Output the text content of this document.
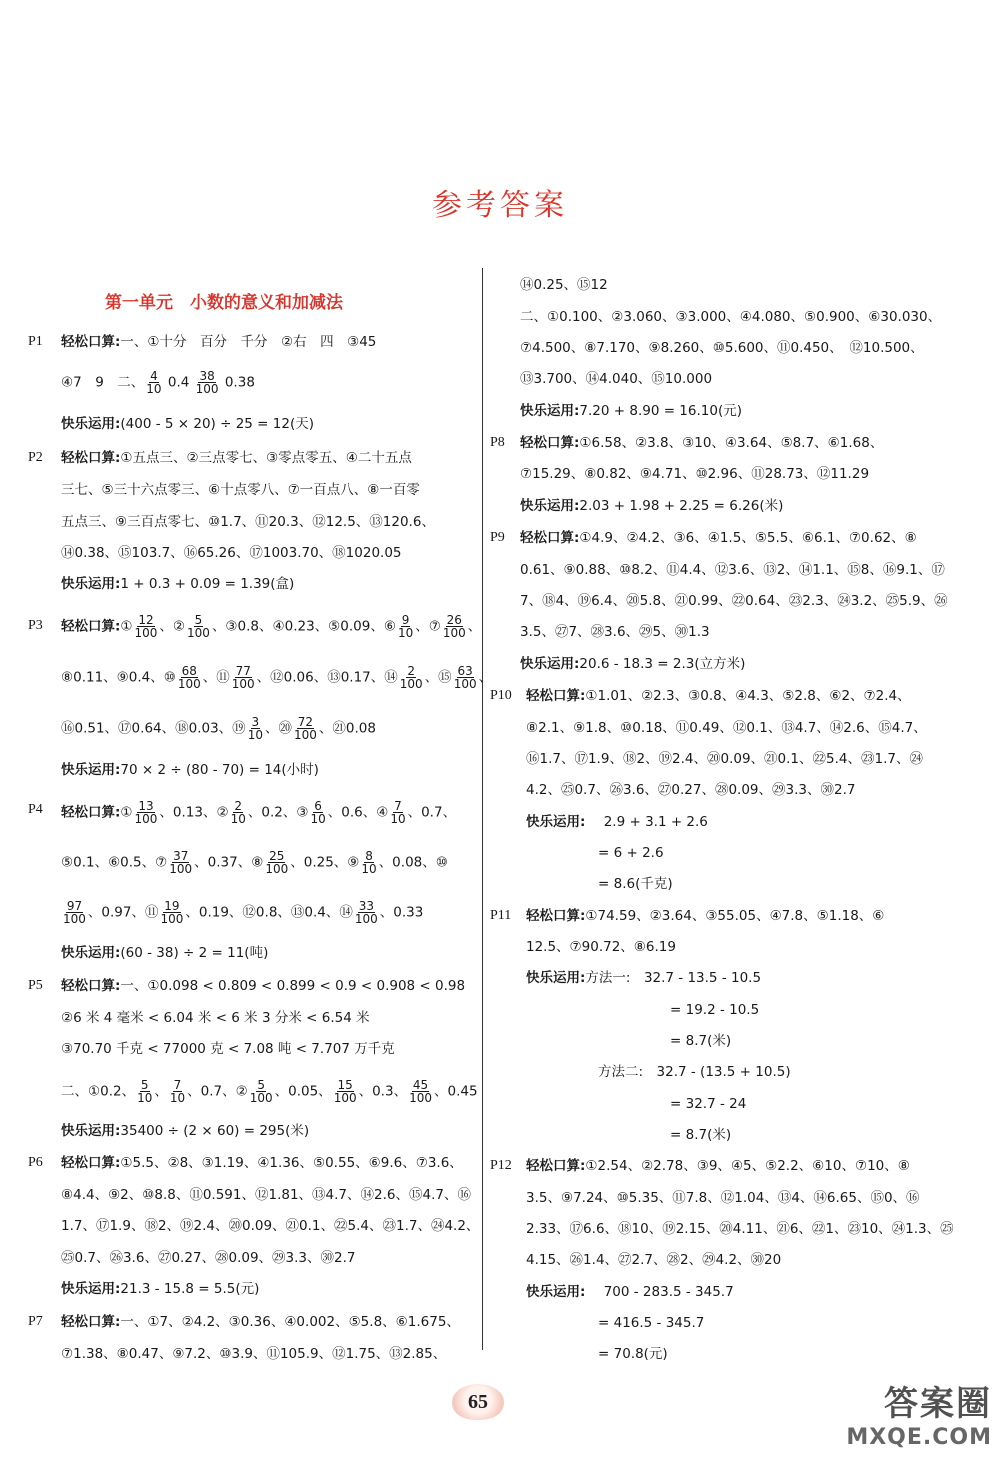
参考答案
第一单元　小数的意义和加减法
P1 轻松口算:一、①十分　百分　千分　②右　四　③45
④7　9　二、 $\frac{4}{10} 0.4 \frac{38}{100} 0.38$
快乐运用:(400 - 5 × 20) ÷ 25 = 12(天)
P2 轻松口算:①五点三、②三点零七、③零点零五、④二十五点
三七、⑤三十六点零三、⑥十点零八、⑦一百点八、⑧一百零
五点三、⑨三百点零七、⑩1.7、⑪20.3、⑫12.5、⑬120.6、
⑭0.38、⑮103.7、⑯65.26、⑰1003.70、⑱1020.05
快乐运用:1 + 0.3 + 0.09 = 1.39(盒)
P3 轻松口算:① $\frac{12}{100}$ 、② $\frac{5}{100}$ 、③0.8、④0.23、⑤0.09、⑥ $\frac{9}{10}$ 、⑦ $\frac{26}{100}$ 、
⑧0.11、⑨0.4、⑩ $\frac{68}{100}$ 、⑪ $\frac{77}{100}$ 、⑫0.06、⑬0.17、⑭ $\frac{2}{100}$ 、⑮ $\frac{63}{100}$ 、
⑯0.51、⑰0.64、⑱0.03、⑲ $\frac{3}{10}$ 、⑳ $\frac{72}{100}$ 、㉑0.08
快乐运用:70 × 2 ÷ (80 - 70) = 14(小时)
P4 轻松口算:① $\frac{13}{100}$ 、0.13、② $\frac{2}{10}$ 、0.2、③ $\frac{6}{10}$ 、0.6、④ $\frac{7}{10}$ 、0.7、
⑤0.1、⑥0.5、⑦ $\frac{37}{100}$ 、0.37、⑧ $\frac{25}{100}$ 、0.25、⑨ $\frac{8}{10}$ 、0.08、⑩
$\frac{97}{100}$ 、0.97、⑪ $\frac{19}{100}$ 、0.19、⑫0.8、⑬0.4、⑭ $\frac{33}{100}$ 、0.33
快乐运用:(60 - 38) ÷ 2 = 11(吨)
P5 轻松口算:一、①0.098 < 0.809 < 0.899 < 0.9 < 0.908 < 0.98
②6 米 4 毫米 < 6.04 米 < 6 米 3 分米 < 6.54 米
③70.70 千克 < 77000 克 < 7.08 吨 < 7.707 万千克
二、①0.2、 $\frac{5}{10}$ 、 $\frac{7}{10}$ 、0.7、② $\frac{5}{100}$ 、0.05、 $\frac{15}{100}$ 、0.3、 $\frac{45}{100}$ 、0.45
快乐运用:35400 ÷ (2 × 60) = 295(米)
P6 轻松口算:①5.5、②8、③1.19、④1.36、⑤0.55、⑥9.6、⑦3.6、
⑧4.4、⑨2、⑩8.8、⑪0.591、⑫1.81、⑬4.7、⑭2.6、⑮4.7、⑯
1.7、⑰1.9、⑱2、⑲2.4、⑳0.09、㉑0.1、㉒5.4、㉓1.7、㉔4.2、
㉕0.7、㉖3.6、㉗0.27、㉘0.09、㉙3.3、㉚2.7
快乐运用:21.3 - 15.8 = 5.5(元)
P7 轻松口算:一、①7、②4.2、③0.36、④0.002、⑤5.8、⑥1.675、
⑦1.38、⑧0.47、⑨7.2、⑩3.9、⑪105.9、⑫1.75、⑬2.85、
⑭0.25、⑮12
二、①0.100、②3.060、③3.000、④4.080、⑤0.900、⑥30.030、
⑦4.500、⑧7.170、⑨8.260、⑩5.600、⑪0.450、　⑫10.500、
⑬3.700、⑭4.040、⑮10.000
快乐运用:7.20 + 8.90 = 16.10(元)
P8 轻松口算:①6.58、②3.8、③10、④3.64、⑤8.7、⑥1.68、
⑦15.29、⑧0.82、⑨4.71、⑩2.96、⑪28.73、⑫11.29
快乐运用:2.03 + 1.98 + 2.25 = 6.26(米)
P9 轻松口算:①4.9、②4.2、③6、④1.5、⑤5.5、⑥6.1、⑦0.62、⑧
0.61、⑨0.88、⑩8.2、⑪4.4、⑫3.6、⑬2、⑭1.1、⑮8、⑯9.1、⑰
7、⑱4、⑲6.4、⑳5.8、㉑0.99、㉒0.64、㉓2.3、㉔3.2、㉕5.9、㉖
3.5、㉗7、㉘3.6、㉙5、㉚1.3
快乐运用:20.6 - 18.3 = 2.3(立方米)
P10 轻松口算:①1.01、②2.3、③0.8、④4.3、⑤2.8、⑥2、⑦2.4、
⑧2.1、⑨1.8、⑩0.18、⑪0.49、⑫0.1、⑬4.7、⑭2.6、⑮4.7、
⑯1.7、⑰1.9、⑱2、⑲2.4、⑳0.09、㉑0.1、㉒5.4、㉓1.7、㉔
4.2、㉕0.7、㉖3.6、㉗0.27、㉘0.09、㉙3.3、㉚2.7
快乐运用: 2.9 + 3.1 + 2.6
= 6 + 2.6
= 8.6(千克)
P11 轻松口算:①74.59、②3.64、③55.05、④7.8、⑤1.18、⑥
12.5、⑦90.72、⑧6.19
快乐运用:方法一:　32.7 - 13.5 - 10.5
= 19.2 - 10.5
= 8.7(米)
方法二:　32.7 - (13.5 + 10.5)
= 32.7 - 24
= 8.7(米)
P12 轻松口算:①2.54、②2.78、③9、④5、⑤2.2、⑥10、⑦10、⑧
3.5、⑨7.24、⑩5.35、⑪7.8、⑫1.04、⑬4、⑭6.65、⑮0、⑯
2.33、⑰6.6、⑱10、⑲2.15、⑳4.11、㉑6、㉒1、㉓10、㉔1.3、㉕
4.15、㉖1.4、㉗2.7、㉘2、㉙4.2、㉚20
快乐运用: 700 - 283.5 - 345.7
= 416.5 - 345.7
= 70.8(元)
65	答案圈
MXQE.COM
